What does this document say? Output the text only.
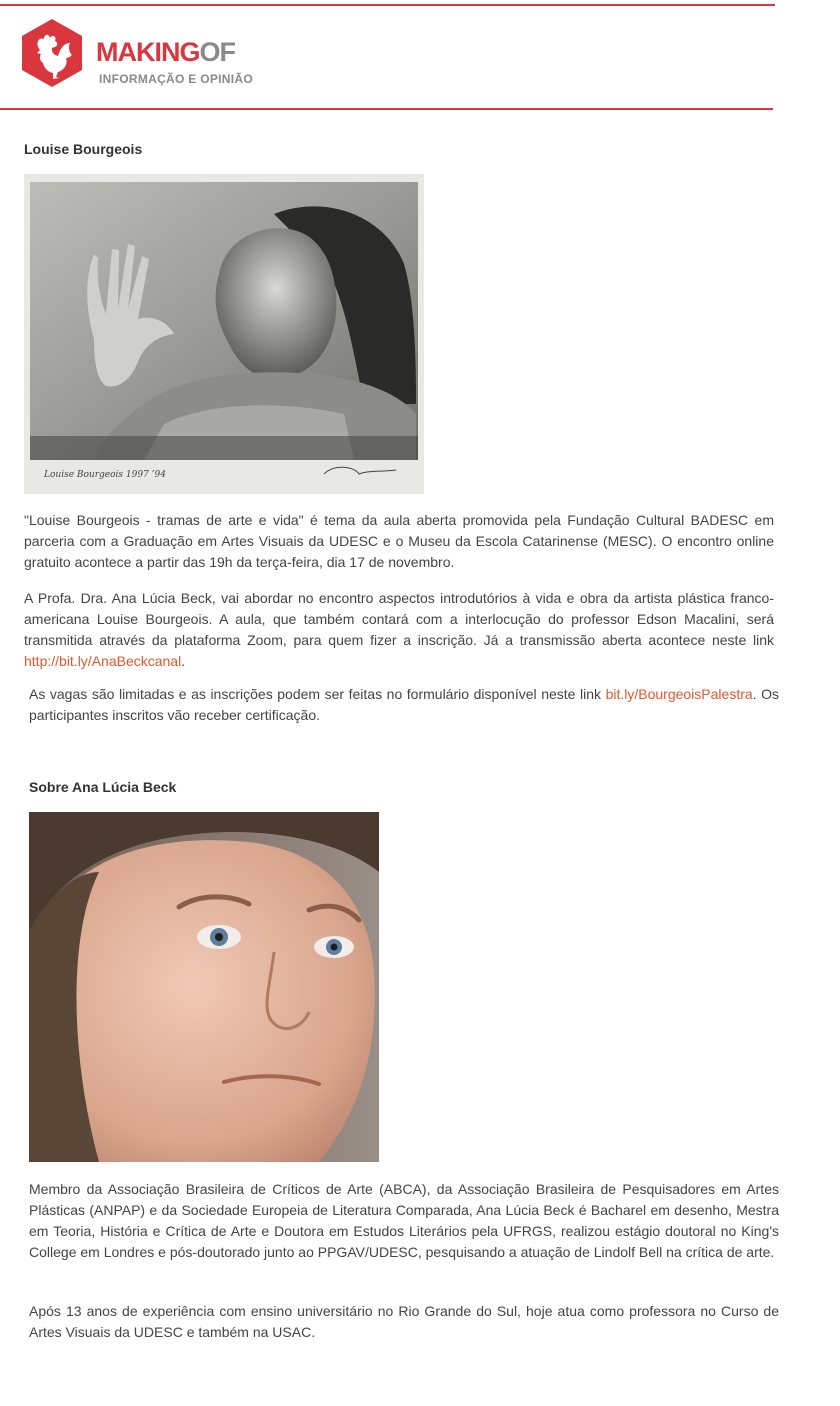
MAKINGOF
INFORMAÇÃO E OPINIÃO
Louise Bourgeois
Louise Bourgeois 1997 ’94

"Louise Bourgeois - tramas de arte e vida" é tema da aula aberta promovida pela Fundação Cultural BADESC em parceria com a Graduação em Artes Visuais da UDESC e o Museu da Escola Catarinense (MESC). O encontro online gratuito acontece a partir das 19h da terça-feira, dia 17 de novembro.

A Profa. Dra. Ana Lúcia Beck, vai abordar no encontro aspectos introdutórios à vida e obra da artista plástica franco-americana Louise Bourgeois. A aula, que também contará com a interlocução do professor Edson Macalini, será transmitida através da plataforma Zoom, para quem fizer a inscrição. Já a transmissão aberta acontece neste link http://bit.ly/AnaBeckcanal.

As vagas são limitadas e as inscrições podem ser feitas no formulário disponível neste link bit.ly/BourgeoisPalestra. Os participantes inscritos vão receber certificação.

Sobre Ana Lúcia Beck

Membro da Associação Brasileira de Críticos de Arte (ABCA), da Associação Brasileira de Pesquisadores em Artes Plásticas (ANPAP) e da Sociedade Europeia de Literatura Comparada, Ana Lúcia Beck é Bacharel em desenho, Mestra em Teoria, História e Crítica de Arte e Doutora em Estudos Literários pela UFRGS, realizou estágio doutoral no King's College em Londres e pós-doutorado junto ao PPGAV/UDESC, pesquisando a atuação de Lindolf Bell na crítica de arte.

Após 13 anos de experiência com ensino universitário no Rio Grande do Sul, hoje atua como professora no Curso de Artes Visuais da UDESC e também na USAC.
